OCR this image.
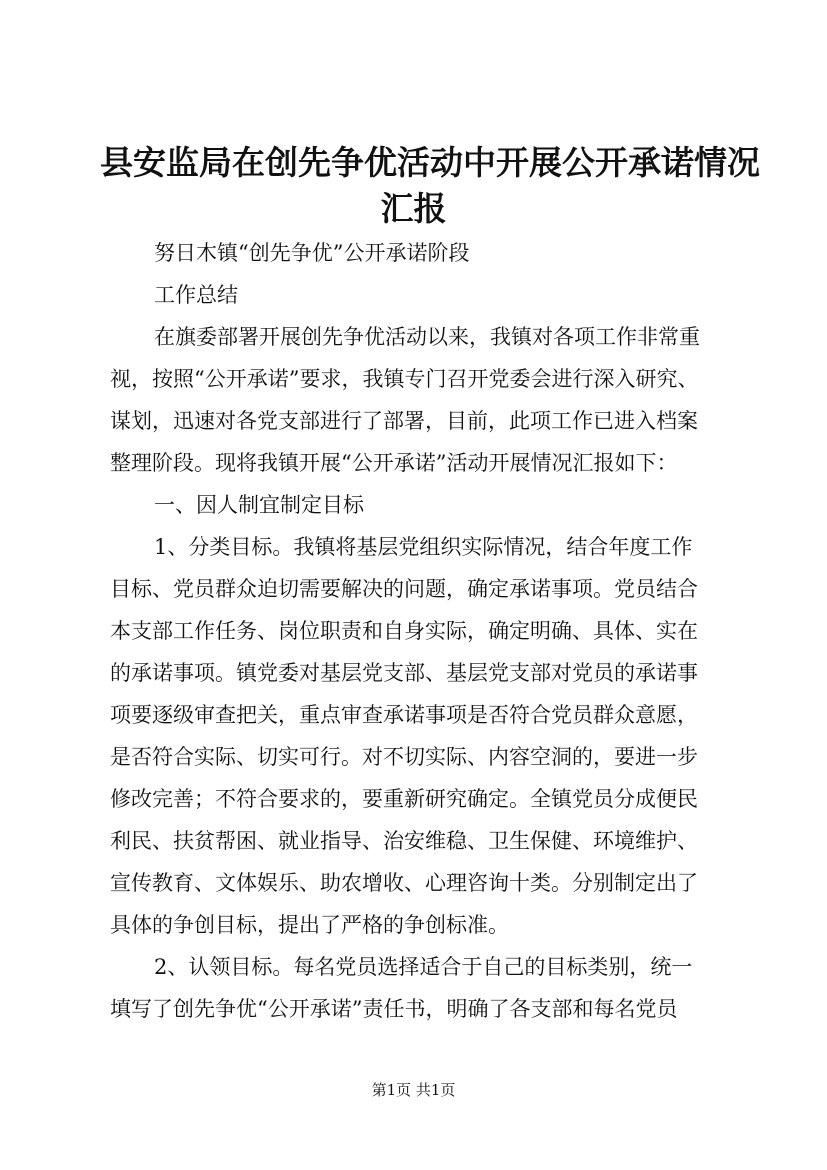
县安监局在创先争优活动中开展公开承诺情况
汇报
努日木镇“创先争优”公开承诺阶段
工作总结
在旗委部署开展创先争优活动以来，我镇对各项工作非常重
视，按照“公开承诺”要求，我镇专门召开党委会进行深入研究、
谋划，迅速对各党支部进行了部署，目前，此项工作已进入档案
整理阶段。现将我镇开展“公开承诺”活动开展情况汇报如下：
一、因人制宜制定目标
1、分类目标。我镇将基层党组织实际情况，结合年度工作
目标、党员群众迫切需要解决的问题，确定承诺事项。党员结合
本支部工作任务、岗位职责和自身实际，确定明确、具体、实在
的承诺事项。镇党委对基层党支部、基层党支部对党员的承诺事
项要逐级审查把关，重点审查承诺事项是否符合党员群众意愿，
是否符合实际、切实可行。对不切实际、内容空洞的，要进一步
修改完善；不符合要求的，要重新研究确定。全镇党员分成便民
利民、扶贫帮困、就业指导、治安维稳、卫生保健、环境维护、
宣传教育、文体娱乐、助农增收、心理咨询十类。分别制定出了
具体的争创目标，提出了严格的争创标准。
2、认领目标。每名党员选择适合于自己的目标类别，统一
填写了创先争优“公开承诺”责任书，明确了各支部和每名党员
第1页 共1页
